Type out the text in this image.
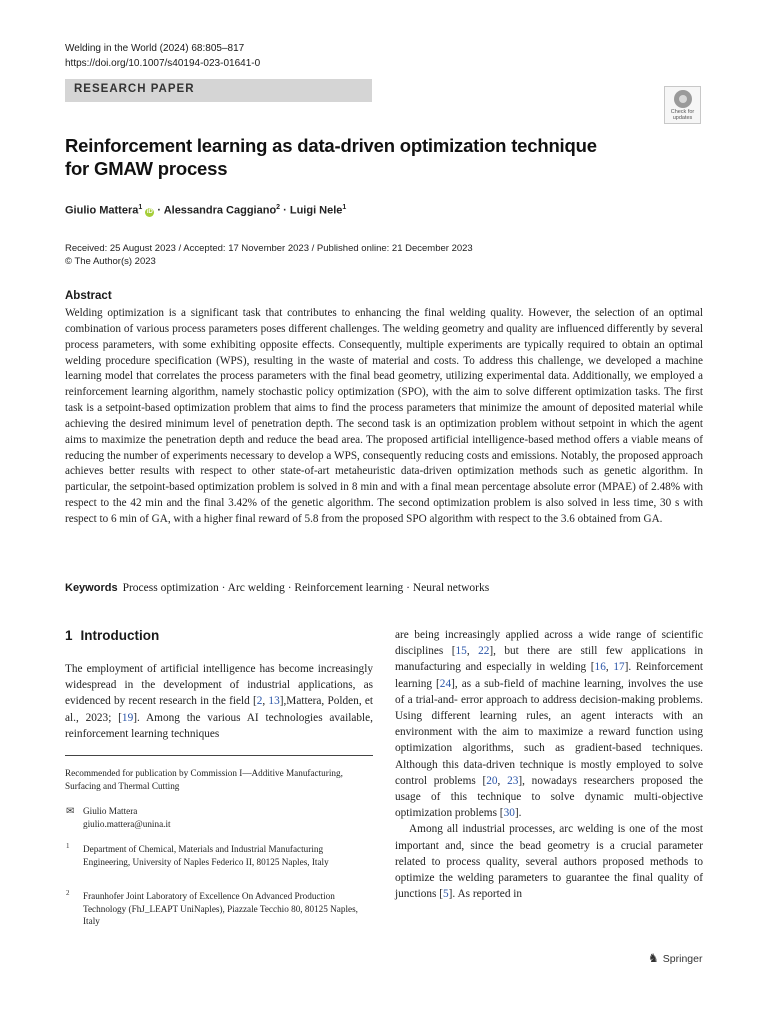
Welding in the World (2024) 68:805–817
https://doi.org/10.1007/s40194-023-01641-0
RESEARCH PAPER
Check for
updates
Reinforcement learning as data-driven optimization technique
for GMAW process
Giulio Mattera$^1$ iD · Alessandra Caggiano$^2$ · Luigi Nele$^1$
Received: 25 August 2023 / Accepted: 17 November 2023 / Published online: 21 December 2023
© The Author(s) 2023
Abstract
Welding optimization is a significant task that contributes to enhancing the final welding quality. However, the selection of an optimal combination of various process parameters poses different challenges. The welding geometry and quality are influenced differently by several process parameters, with some exhibiting opposite effects. Consequently, multiple experiments are typically required to obtain an optimal welding procedure specification (WPS), resulting in the waste of material and costs. To address this challenge, we developed a machine learning model that correlates the process parameters with the final bead geometry, utilizing experimental data. Additionally, we employed a reinforcement learning algorithm, namely stochastic policy optimization (SPO), with the aim to solve different optimization tasks. The first task is a setpoint-based optimization problem that aims to find the process parameters that minimize the amount of deposited material while achieving the desired minimum level of penetration depth. The second task is an optimization problem without setpoint in which the agent aims to maximize the penetration depth and reduce the bead area. The proposed artificial intelligence-based method offers a viable means of reducing the number of experiments necessary to develop a WPS, consequently reducing costs and emissions. Notably, the proposed approach achieves better results with respect to other state-of-art metaheuristic data-driven optimization methods such as genetic algorithm. In particular, the setpoint-based optimization problem is solved in 8 min and with a final mean percentage absolute error (MPAE) of 2.48% with respect to the 42 min and the final 3.42% of the genetic algorithm. The second optimization problem is also solved in less time, 30 s with respect to 6 min of GA, with a higher final reward of 5.8 from the proposed SPO algorithm with respect to the 3.6 obtained from GA.
Keywords Process optimization · Arc welding · Reinforcement learning · Neural networks
1 Introduction
The employment of artificial intelligence has become increasingly widespread in the development of industrial applications, as evidenced by recent research in the field [2, 13],Mattera, Polden, et al., 2023; [19]. Among the various AI technologies available, reinforcement learning techniques
Recommended for publication by Commission I—Additive Manufacturing, Surfacing and Thermal Cutting
✉ Giulio Mattera
giulio.mattera@unina.it
1 Department of Chemical, Materials and Industrial Manufacturing Engineering, University of Naples Federico II, 80125 Naples, Italy
2 Fraunhofer Joint Laboratory of Excellence On Advanced Production Technology (FhJ_LEAPT UniNaples), Piazzale Tecchio 80, 80125 Naples, Italy

are being increasingly applied across a wide range of scientific disciplines [15, 22], but there are still few applications in manufacturing and especially in welding [16, 17]. Reinforcement learning [24], as a sub-field of machine learning, involves the use of a trial-and- error approach to address decision-making problems. Using different learning rules, an agent interacts with an environment with the aim to maximize a reward function using optimization algorithms, such as gradient-based techniques. Although this data-driven technique is mostly employed to solve control problems [20, 23], nowadays researchers proposed the usage of this technique to solve dynamic multi-objective optimization problems [30].

Among all industrial processes, arc welding is one of the most important and, since the bead geometry is a crucial parameter related to process quality, several authors proposed methods to optimize the welding parameters to guarantee the final quality of junctions [5]. As reported in

♞ Springer
